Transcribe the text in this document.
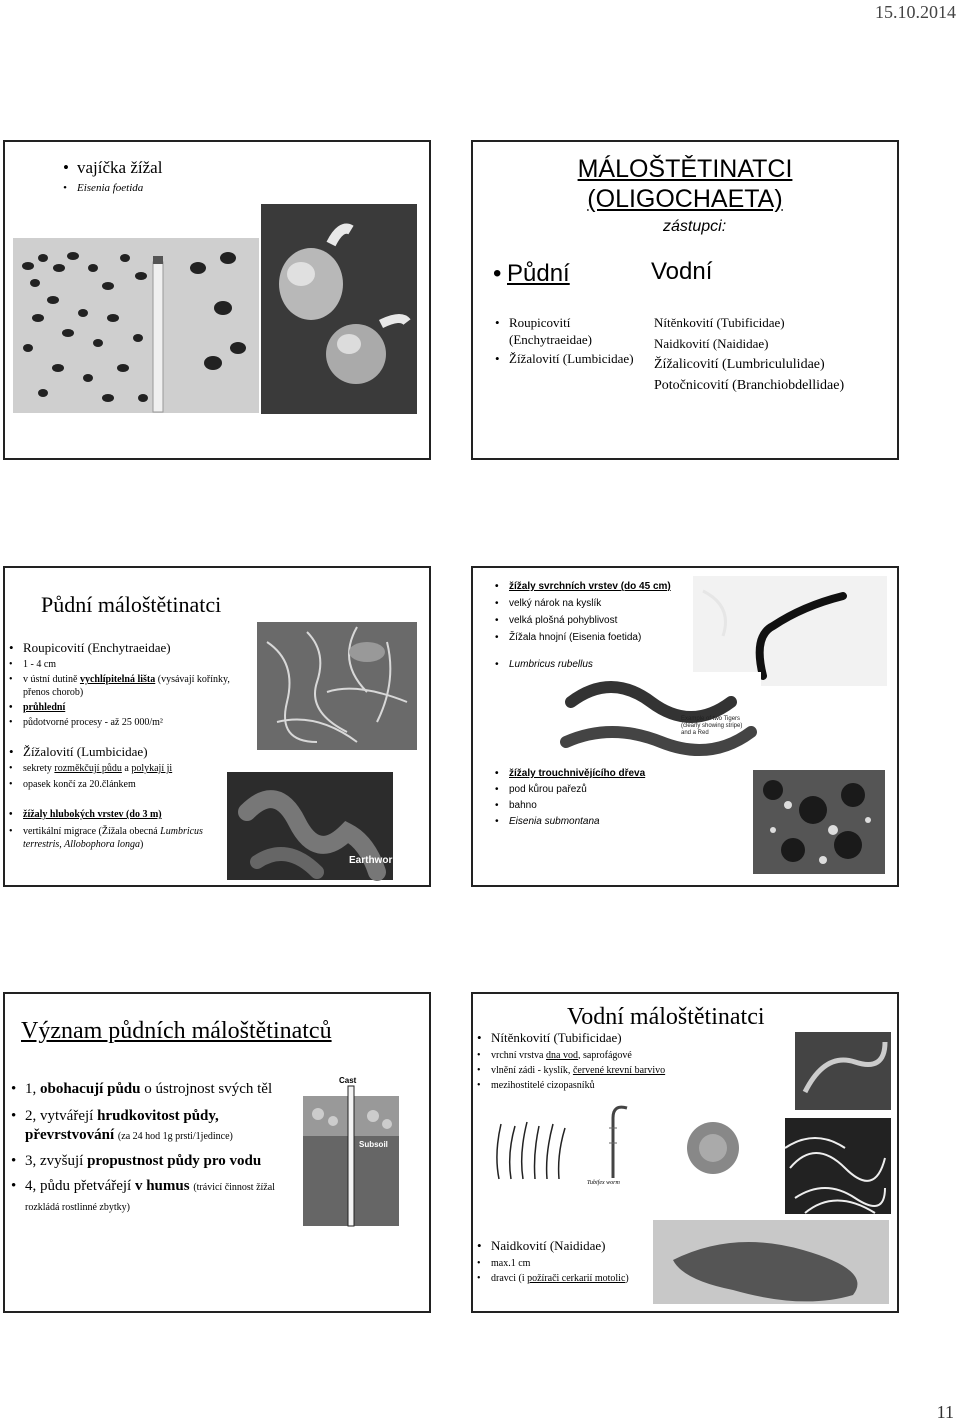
15.10.2014
• vajíčka žížal
• Eisenia foetida
MÁLOŠTĚTINATCI
(OLIGOCHAETA)
zástupci:
• Půdní	Vodní
• Roupicovití (Enchytraeidae)
• Žížalovití (Lumbicidae)
Nítěnkovití (Tubificidae)
Naidkovití (Naididae)
Žížalicovití (Lumbricululidae)
Potočnicovití (Branchiobdellidae)
Půdní máloštětinatci
• Roupicovití (Enchytraeidae)
• 1 - 4 cm
• v ústní dutině vychlípitelná lišta (vysávají kořínky, přenos chorob)
• průhlední
• půdotvorné procesy - až 25 000/m²
• Žížalovití (Lumbicidae)
• sekrety rozměkčují půdu a polykají ji
• opasek končí za 20.článkem
• žížaly hlubokých vrstev (do 3 m)
• vertikální migrace (Žížala obecná Lumbricus terrestris, Allobophora longa)
Earthworm
• žížaly svrchních vrstev (do 45 cm)
• velký nárok na kyslík
• velká plošná pohyblivost
• Žížala hnojní (Eisenia foetida)
• Lumbricus rubellus
Example of two Tigers (clearly showing stripe) and a Red
• žížaly trouchnivějícího dřeva
• pod kůrou pařezů
• bahno
• Eisenia submontana
Význam půdních máloštětinatců
• 1, obohacují půdu o ústrojnost svých těl
• 2, vytvářejí hrudkovitost půdy, převrstvování (za 24 hod 1g prsti/1jedince)
• 3, zvyšují propustnost půdy pro vodu
• 4, půdu přetvářejí v humus (trávicí činnost žížal rozkládá rostlinné zbytky)
Cast
Subsoil
Vodní máloštětinatci
• Nítěnkovití (Tubificidae)
• vrchní vrstva dna vod, saprofágové
• vlnění zádi - kyslík, červené krevní barvivo
• mezihostitelé cizopasníků
Tubifex worm
• Naidkovití (Naididae)
• max.1 cm
• dravci (i požírači cerkarií motolic)
11
